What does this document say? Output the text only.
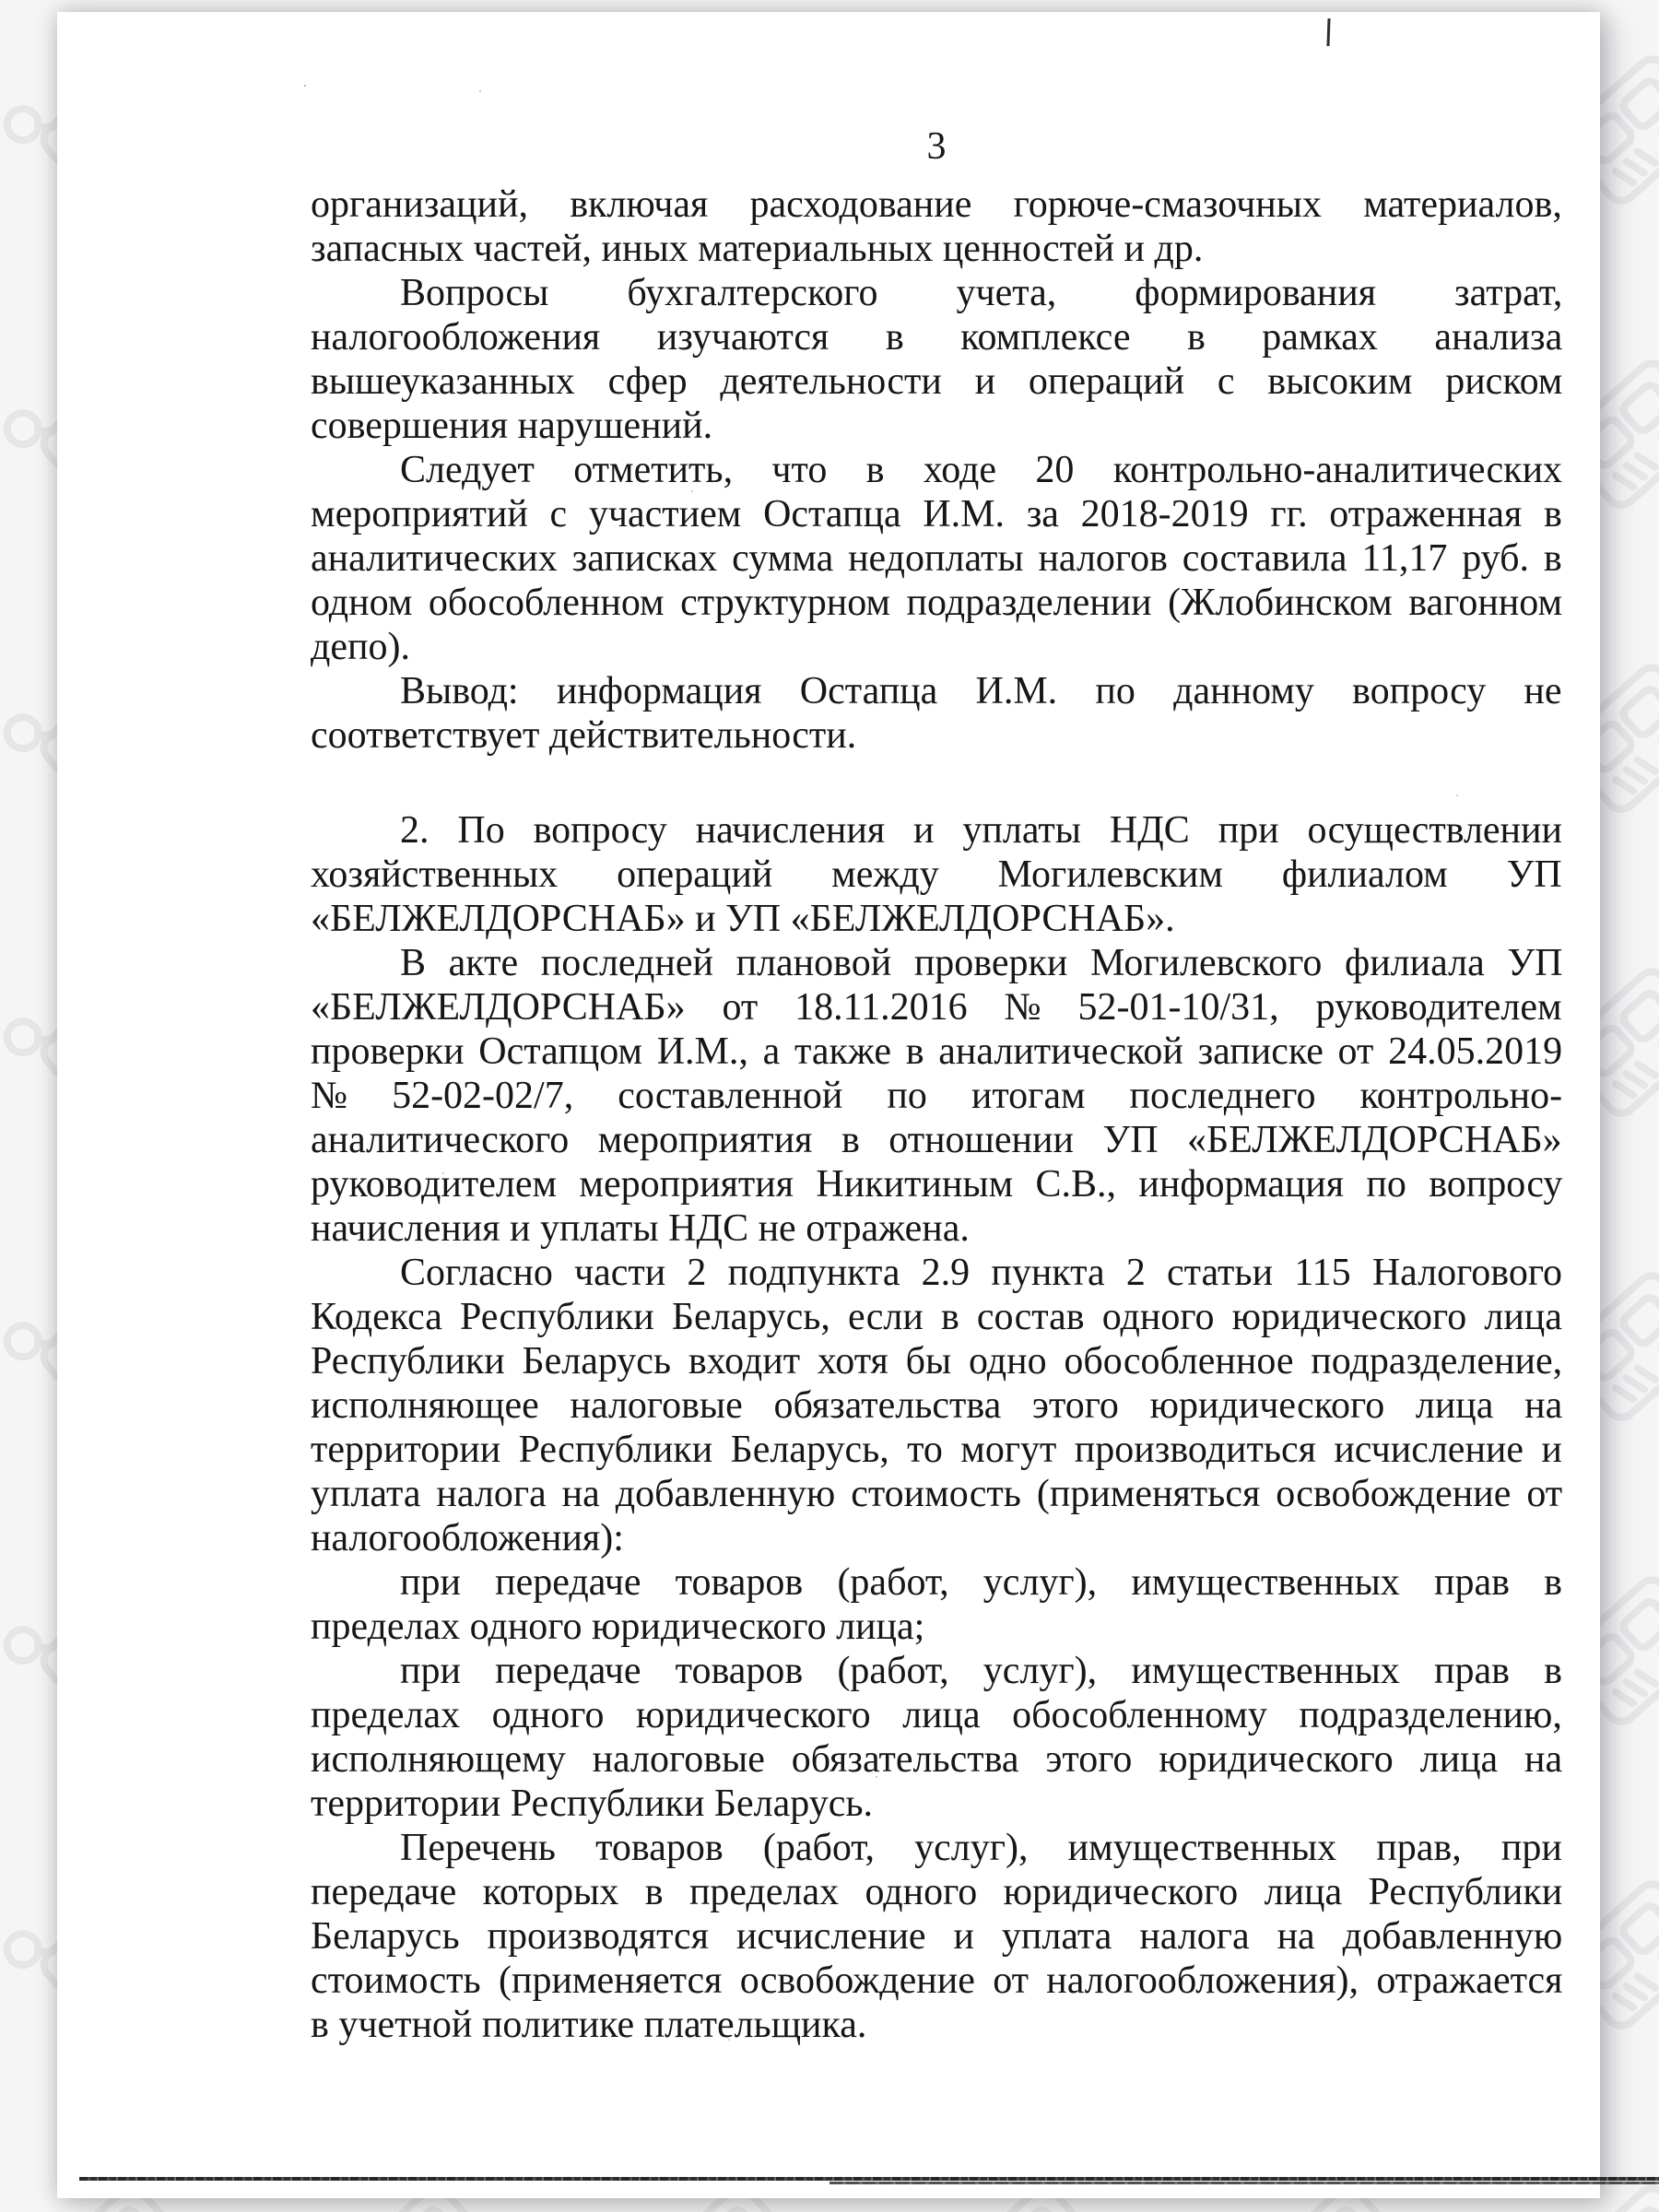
3
организаций, включая расходование горюче-смазочных материалов,
запасных частей, иных материальных ценностей и др.
Вопросы бухгалтерского учета, формирования затрат,
налогообложения изучаются в комплексе в рамках анализа
вышеуказанных сфер деятельности и операций с высоким риском
совершения нарушений.
Следует отметить, что в ходе 20 контрольно-аналитических
мероприятий с участием Остапца И.М. за 2018-2019 гг. отраженная в
аналитических записках сумма недоплаты налогов составила 11,17 руб. в
одном обособленном структурном подразделении (Жлобинском вагонном
депо).
Вывод: информация Остапца И.М. по данному вопросу не
соответствует действительности.
2. По вопросу начисления и уплаты НДС при осуществлении
хозяйственных операций между Могилевским филиалом УП
«БЕЛЖЕЛДОРСНАБ» и УП «БЕЛЖЕЛДОРСНАБ».
В акте последней плановой проверки Могилевского филиала УП
«БЕЛЖЕЛДОРСНАБ» от 18.11.2016 № 52-01-10/31, руководителем
проверки Остапцом И.М., а также в аналитической записке от 24.05.2019
№ 52-02-02/7, составленной по итогам последнего контрольно-
аналитического мероприятия в отношении УП «БЕЛЖЕЛДОРСНАБ»
руководителем мероприятия Никитиным С.В., информация по вопросу
начисления и уплаты НДС не отражена.
Согласно части 2 подпункта 2.9 пункта 2 статьи 115 Налогового
Кодекса Республики Беларусь, если в состав одного юридического лица
Республики Беларусь входит хотя бы одно обособленное подразделение,
исполняющее налоговые обязательства этого юридического лица на
территории Республики Беларусь, то могут производиться исчисление и
уплата налога на добавленную стоимость (применяться освобождение от
налогообложения):
при передаче товаров (работ, услуг), имущественных прав в
пределах одного юридического лица;
при передаче товаров (работ, услуг), имущественных прав в
пределах одного юридического лица обособленному подразделению,
исполняющему налоговые обязательства этого юридического лица на
территории Республики Беларусь.
Перечень товаров (работ, услуг), имущественных прав, при
передаче которых в пределах одного юридического лица Республики
Беларусь производятся исчисление и уплата налога на добавленную
стоимость (применяется освобождение от налогообложения), отражается
в учетной политике плательщика.
